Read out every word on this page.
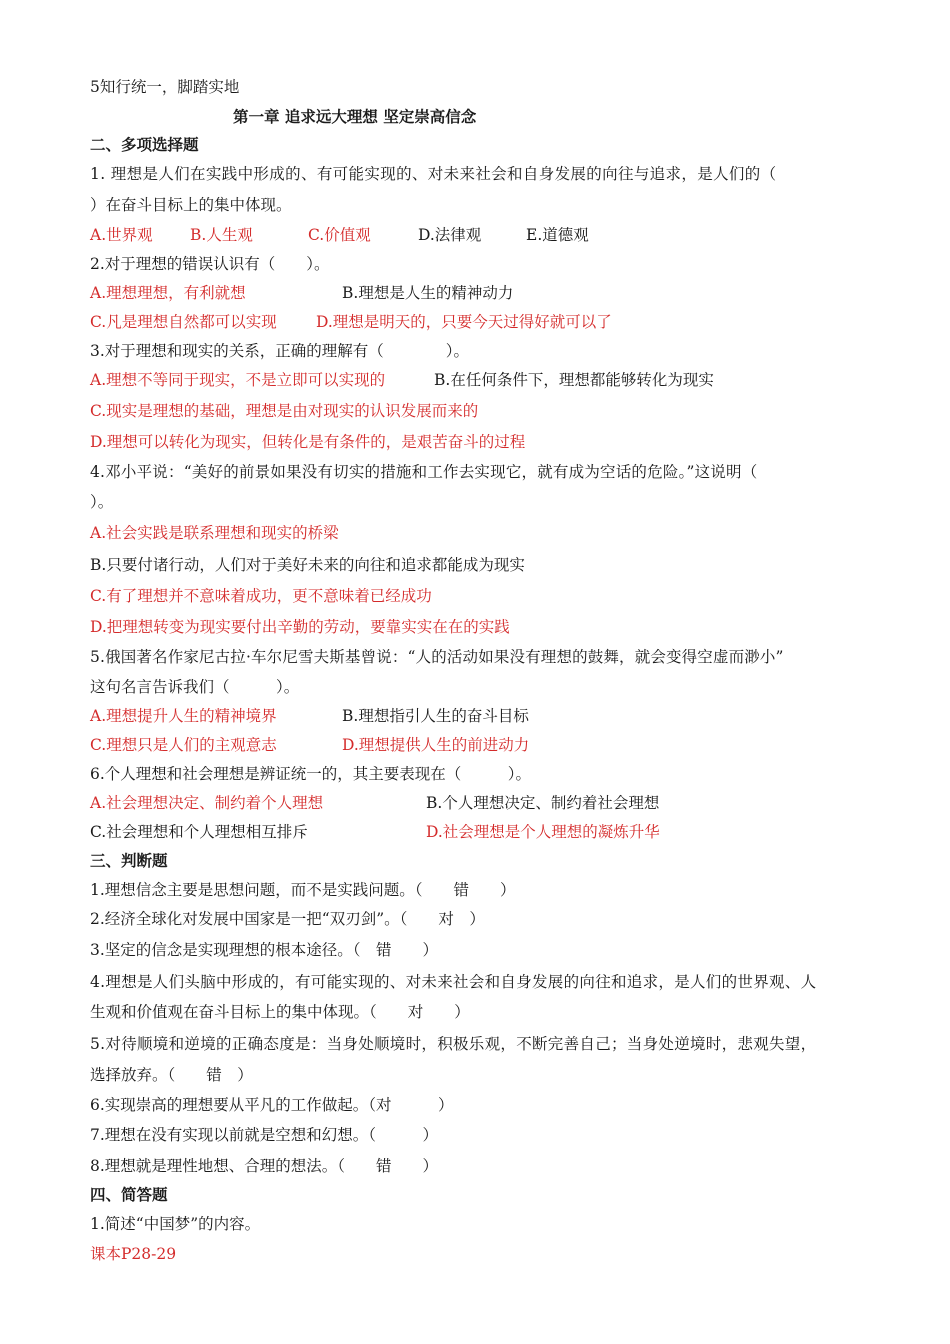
5知行统一，脚踏实地
第一章 追求远大理想 坚定崇高信念
二、多项选择题
1. 理想是人们在实践中形成的、有可能实现的、对未来社会和自身发展的向往与追求，是人们的（
）在奋斗目标上的集中体现。
A.世界观 B.人生观	C.价值观	D.法律观	E.道德观
2.对于理想的错误认识有（　　）。
A.理想理想，有利就想	B.理想是人生的精神动力
C.凡是理想自然都可以实现	D.理想是明天的，只要今天过得好就可以了
3.对于理想和现实的关系，正确的理解有（　　　　）。
A.理想不等同于现实，不是立即可以实现的	B.在任何条件下，理想都能够转化为现实
C.现实是理想的基础，理想是由对现实的认识发展而来的
D.理想可以转化为现实，但转化是有条件的，是艰苦奋斗的过程
4.邓小平说：“美好的前景如果没有切实的措施和工作去实现它，就有成为空话的危险。”这说明（
）。
A.社会实践是联系理想和现实的桥梁
B.只要付诸行动，人们对于美好未来的向往和追求都能成为现实
C.有了理想并不意味着成功，更不意味着已经成功
D.把理想转变为现实要付出辛勤的劳动，要靠实实在在的实践
5.俄国著名作家尼古拉·车尔尼雪夫斯基曾说：“人的活动如果没有理想的鼓舞，就会变得空虚而渺小”
这句名言告诉我们（　　　）。
A.理想提升人生的精神境界	B.理想指引人生的奋斗目标
C.理想只是人们的主观意志	D.理想提供人生的前进动力
6.个人理想和社会理想是辨证统一的，其主要表现在（　　　）。
A.社会理想决定、制约着个人理想	B.个人理想决定、制约着社会理想
C.社会理想和个人理想相互排斥	D.社会理想是个人理想的凝炼升华
三、判断题
1.理想信念主要是思想问题，而不是实践问题。（　　错　　）
2.经济全球化对发展中国家是一把“双刃剑”。（　　对　）
3.坚定的信念是实现理想的根本途径。（　错　　）
4.理想是人们头脑中形成的，有可能实现的、对未来社会和自身发展的向往和追求，是人们的世界观、人
生观和价值观在奋斗目标上的集中体现。（　　对　　）
5.对待顺境和逆境的正确态度是：当身处顺境时，积极乐观，不断完善自己；当身处逆境时，悲观失望，
选择放弃。（　　错　）
6.实现崇高的理想要从平凡的工作做起。（对　　　）
7.理想在没有实现以前就是空想和幻想。（　　　）
8.理想就是理性地想、合理的想法。（　　错　　）
四、简答题
1.简述“中国梦”的内容。
课本P28-29
